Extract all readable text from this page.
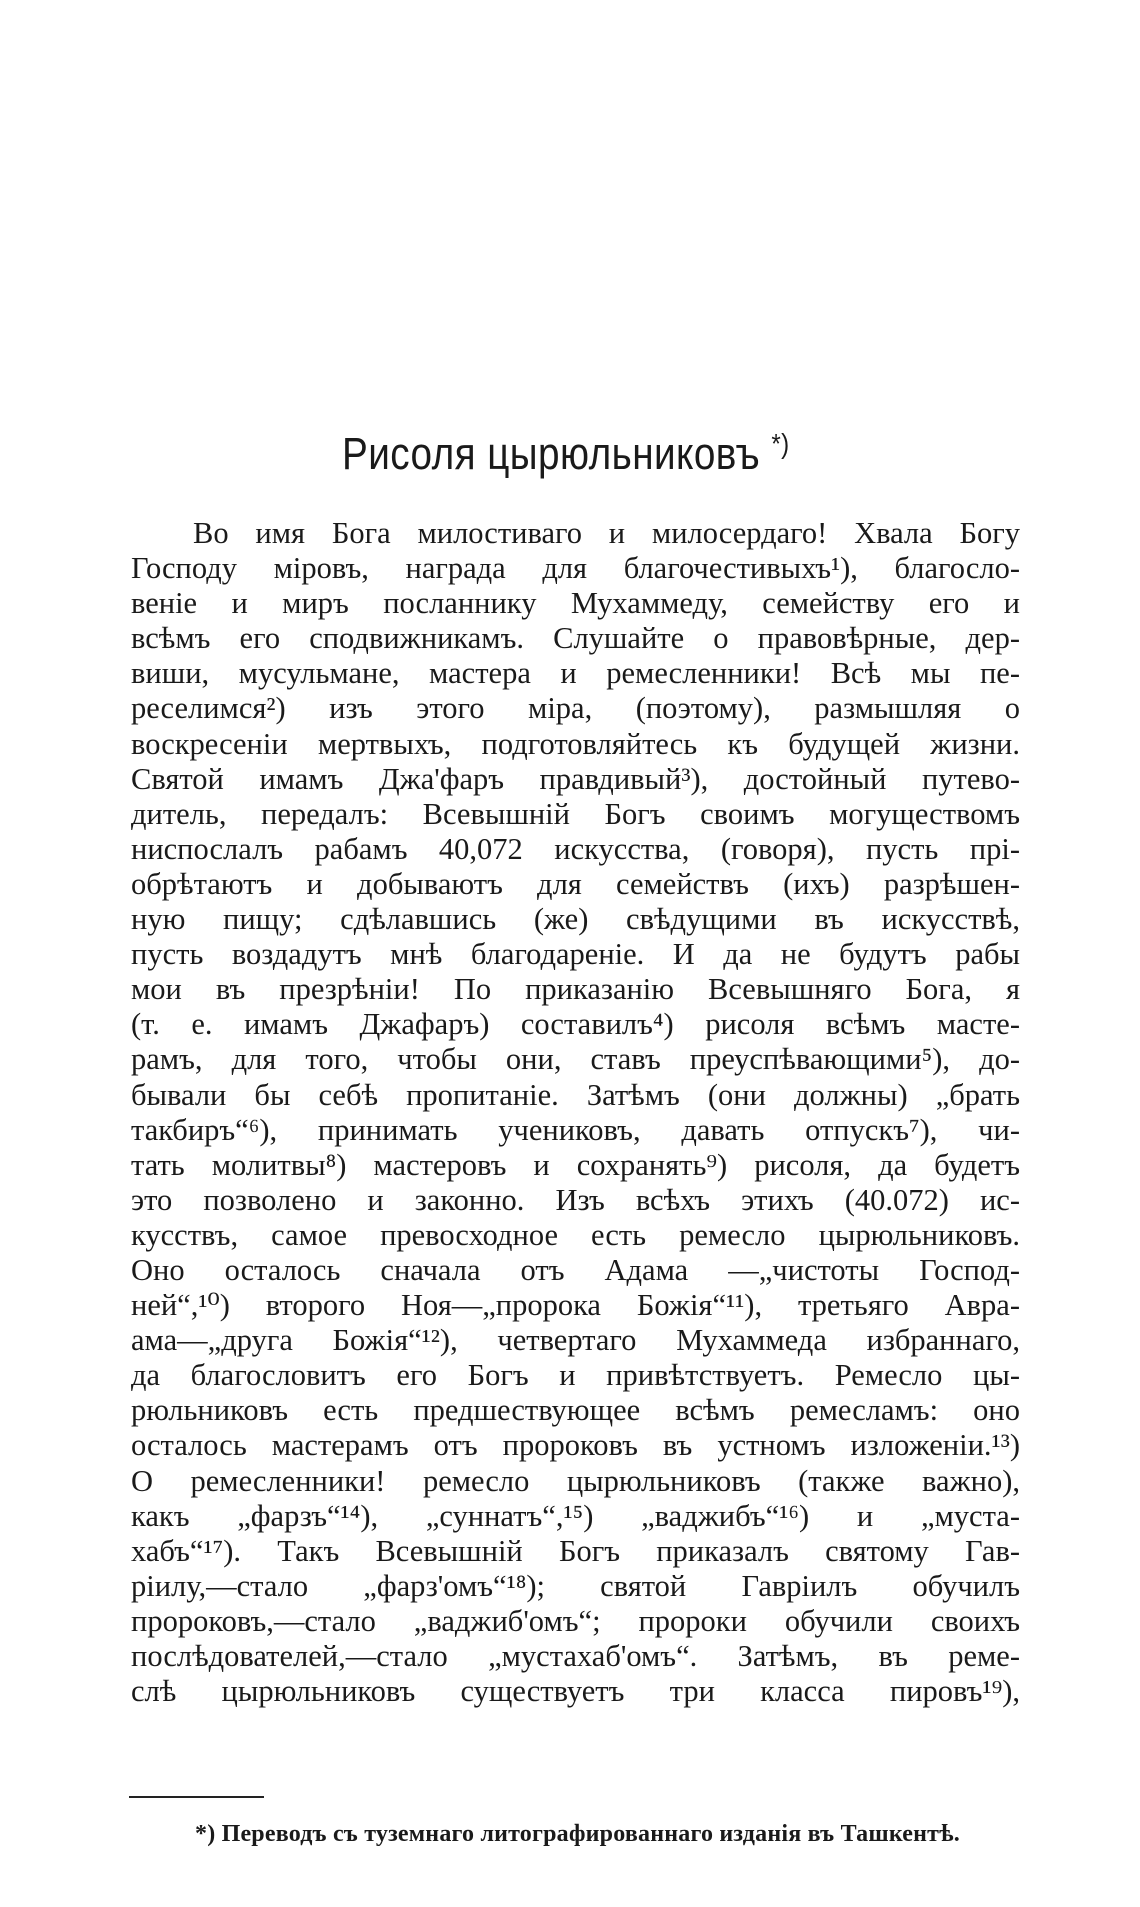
Рисоля цырюльниковъ *)
Во имя Бога милостиваго и милосердаго! Хвала Богу
Господу міровъ, награда для благочестивыхъ¹), благосло-
веніе и миръ посланнику Мухаммеду, семейству его и
всѣмъ его сподвижникамъ. Слушайте о правовѣрные, дер-
виши, мусульмане, мастера и ремесленники! Всѣ мы пе-
реселимся²) изъ этого міра, (поэтому), размышляя о
воскресеніи мертвыхъ, подготовляйтесь къ будущей жизни.
Святой имамъ Джа'фаръ правдивый³), достойный путево-
дитель, передалъ: Всевышній Богъ своимъ могуществомъ
ниспослалъ рабамъ 40,072 искусства, (говоря), пусть прі-
обрѣтаютъ и добываютъ для семействъ (ихъ) разрѣшен-
ную пищу; сдѣлавшись (же) свѣдущими въ искусствѣ,
пусть воздадутъ мнѣ благодареніе. И да не будутъ рабы
мои въ презрѣніи! По приказанію Всевышняго Бога, я
(т. е. имамъ Джафаръ) составилъ⁴) рисоля всѣмъ масте-
рамъ, для того, чтобы они, ставъ преуспѣвающими⁵), до-
бывали бы себѣ пропитаніе. Затѣмъ (они должны) „брать
такбиръ“⁶), принимать учениковъ, давать отпускъ⁷), чи-
тать молитвы⁸) мастеровъ и сохранять⁹) рисоля, да будетъ
это позволено и законно. Изъ всѣхъ этихъ (40.072) ис-
кусствъ, самое превосходное есть ремесло цырюльниковъ.
Оно осталось сначала отъ Адама —„чистоты Господ-
ней“,¹⁰) второго Ноя—„пророка Божія“¹¹), третьяго Авра-
ама—„друга Божія“¹²), четвертаго Мухаммеда избраннаго,
да благословитъ его Богъ и привѣтствуетъ. Ремесло цы-
рюльниковъ есть предшествующее всѣмъ ремесламъ: оно
осталось мастерамъ отъ пророковъ въ устномъ изложеніи.¹³)
О ремесленники! ремесло цырюльниковъ (также важно),
какъ „фарзъ“¹⁴), „суннатъ“,¹⁵) „ваджибъ“¹⁶) и „муста-
хабъ“¹⁷). Такъ Всевышній Богъ приказалъ святому Гав-
ріилу,—стало „фарз'омъ“¹⁸); святой Гавріилъ обучилъ
пророковъ,—стало „ваджиб'омъ“; пророки обучили своихъ
послѣдователей,—стало „мустахаб'омъ“. Затѣмъ, въ реме-
слѣ цырюльниковъ существуетъ три класса пировъ¹⁹),
*) Переводъ съ туземнаго литографированнаго изданія въ Ташкентѣ.
